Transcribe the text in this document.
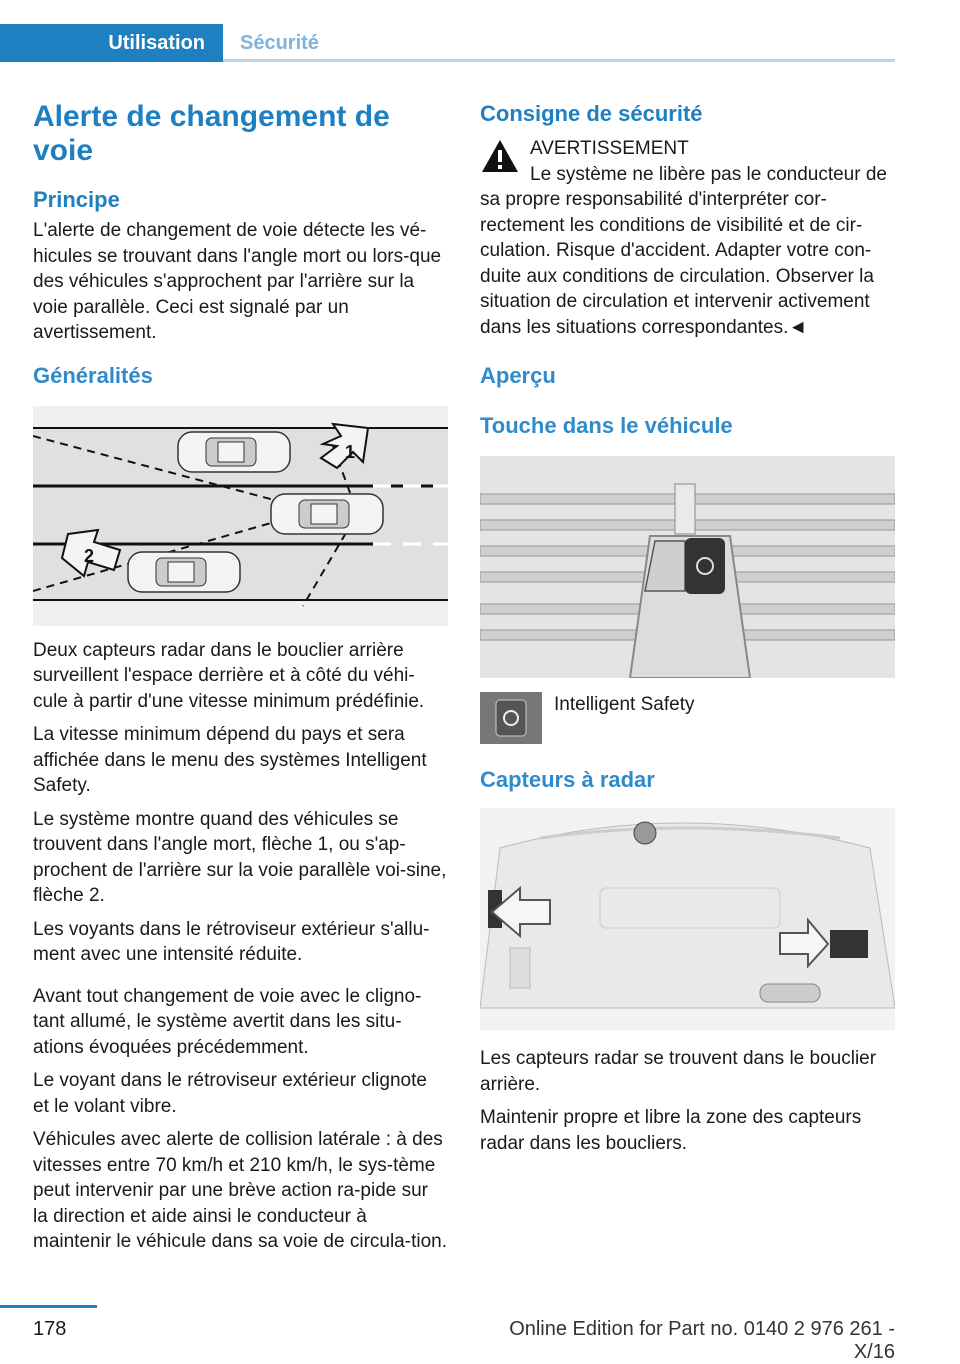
Utilisation	Sécurité
Alerte de changement de voie
Principe

L'alerte de changement de voie détecte les vé-hicules se trouvant dans l'angle mort ou lors-que des véhicules s'approchent par l'arrière sur la voie parallèle. Ceci est signalé par un avertissement.

Généralités
1
2

Deux capteurs radar dans le bouclier arrière surveillent l'espace derrière et à côté du véhi-cule à partir d'une vitesse minimum prédéfinie.

La vitesse minimum dépend du pays et sera affichée dans le menu des systèmes Intelligent Safety.

Le système montre quand des véhicules se trouvent dans l'angle mort, flèche 1, ou s'ap-prochent de l'arrière sur la voie parallèle voi-sine, flèche 2.

Les voyants dans le rétroviseur extérieur s'allu-ment avec une intensité réduite.

Avant tout changement de voie avec le cligno-tant allumé, le système avertit dans les situ-ations évoquées précédemment.

Le voyant dans le rétroviseur extérieur clignote et le volant vibre.

Véhicules avec alerte de collision latérale : à des vitesses entre 70 km/h et 210 km/h, le sys-tème peut intervenir par une brève action ra-pide sur la direction et aide ainsi le conducteur à maintenir le véhicule dans sa voie de circula-tion.

Consigne de sécurité

AVERTISSEMENT

Le système ne libère pas le conducteur de sa propre responsabilité d'interpréter cor-rectement les conditions de visibilité et de cir-culation. Risque d'accident. Adapter votre con-duite aux conditions de circulation. Observer la situation de circulation et intervenir activement dans les situations correspondantes.◄

Aperçu
Touche dans le véhicule

Intelligent Safety

Capteurs à radar

Les capteurs radar se trouvent dans le bouclier arrière.

Maintenir propre et libre la zone des capteurs radar dans les boucliers.

178	Online Edition for Part no. 0140 2 976 261 - X/16
